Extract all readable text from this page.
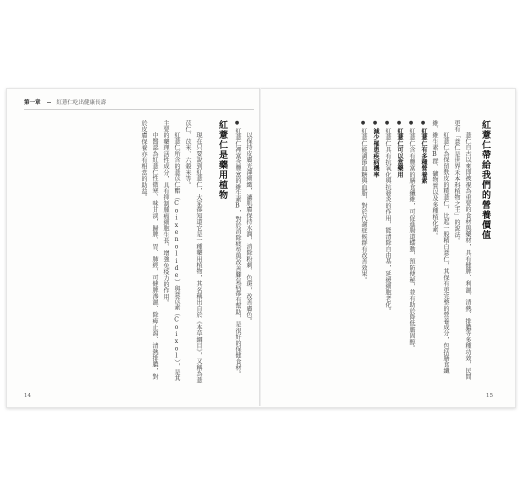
第一章	紅薏仁吃出健康長壽
紅薏仁帶給我們的營養價值

薏仁自古以來即被視為重要的食材與藥材，具有健脾、利濕、清熱、排膿等多種功效，民間更有「薏仁是世界禾本科植物之王」的說法。

紅薏仁為保留麩皮的糙薏仁，比起一般精白薏仁，其保有更完整的營養成分，包括膳食纖維、維生素B群、礦物質以及多種植化素。

● 紅薏仁有多種營養素

● 紅薏仁含有豐富的膳食纖維，可促進腸道蠕動，預防便秘，並有助於降低膽固醇。

● 紅薏仁可以當藥用

● 紅薏仁具有抗氧化與抗發炎的作用，能清除自由基，延緩細胞老化。

● 減少罹患疾病機率

● 紅薏仁能調節血糖與血脂，對於代謝症候群有改善效果。

以保持皮膚光澤細緻，讓肌膚保持水潤，消除粉刺、色斑，改善膚色。

● 紅薏仁裡富含豐富的維生素B，對於消除疲勞與改善腳氣病都有幫助，是很好的保健食材。

紅薏仁是藥用植物

現在只要說到紅薏仁，大家都知道它是一種藥用植物，其名稱出自於《本草綱目》，又稱為薏苡仁、苡米、六穀米等。

紅薏仁所含的薏苡仁酯（Coixenolide）與薏苡素（Coixol），是其主要的藥理活性成分，具有抑制腫瘤細胞生長、增強免疫力的作用。

中醫認為紅薏仁性微寒、味甘淡，歸脾、胃、肺經，可健脾滲濕、除痺止瀉、清熱排膿，對於皮膚保養亦有相當的助益。

14	15
